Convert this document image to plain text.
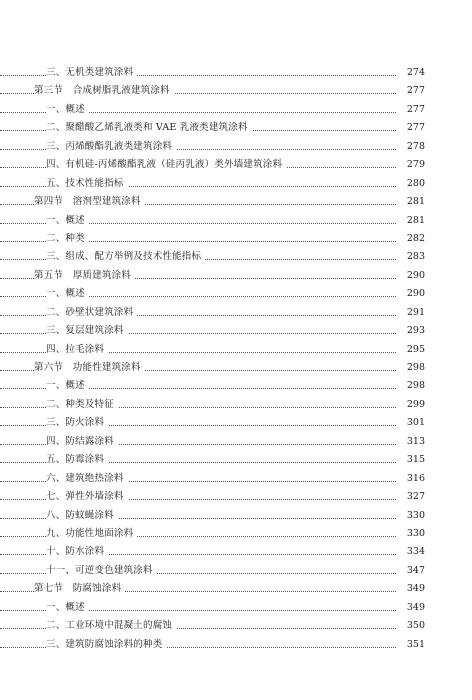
三、无机类建筑涂料	274
第三节　合成树脂乳液建筑涂料	277
一、概述	277
二、聚醋酸乙烯乳液类和 VAE 乳液类建筑涂料	277
三、丙烯酸酯乳液类建筑涂料	278
四、有机硅-丙烯酸酯乳液（硅丙乳液）类外墙建筑涂料	279
五、技术性能指标	280
第四节　溶剂型建筑涂料	281
一、概述	281
二、种类	282
三、组成、配方举例及技术性能指标	283
第五节　厚质建筑涂料	290
一、概述	290
二、砂壁状建筑涂料	291
三、复层建筑涂料	293
四、拉毛涂料	295
第六节　功能性建筑涂料	298
一、概述	298
二、种类及特征	299
三、防火涂料	301
四、防结露涂料	313
五、防霉涂料	315
六、建筑绝热涂料	316
七、弹性外墙涂料	327
八、防蚊蝇涂料	330
九、功能性地面涂料	330
十、防水涂料	334
十一、可逆变色建筑涂料	347
第七节　防腐蚀涂料	349
一、概述	349
二、工业环境中混凝土的腐蚀	350
三、建筑防腐蚀涂料的种类	351
